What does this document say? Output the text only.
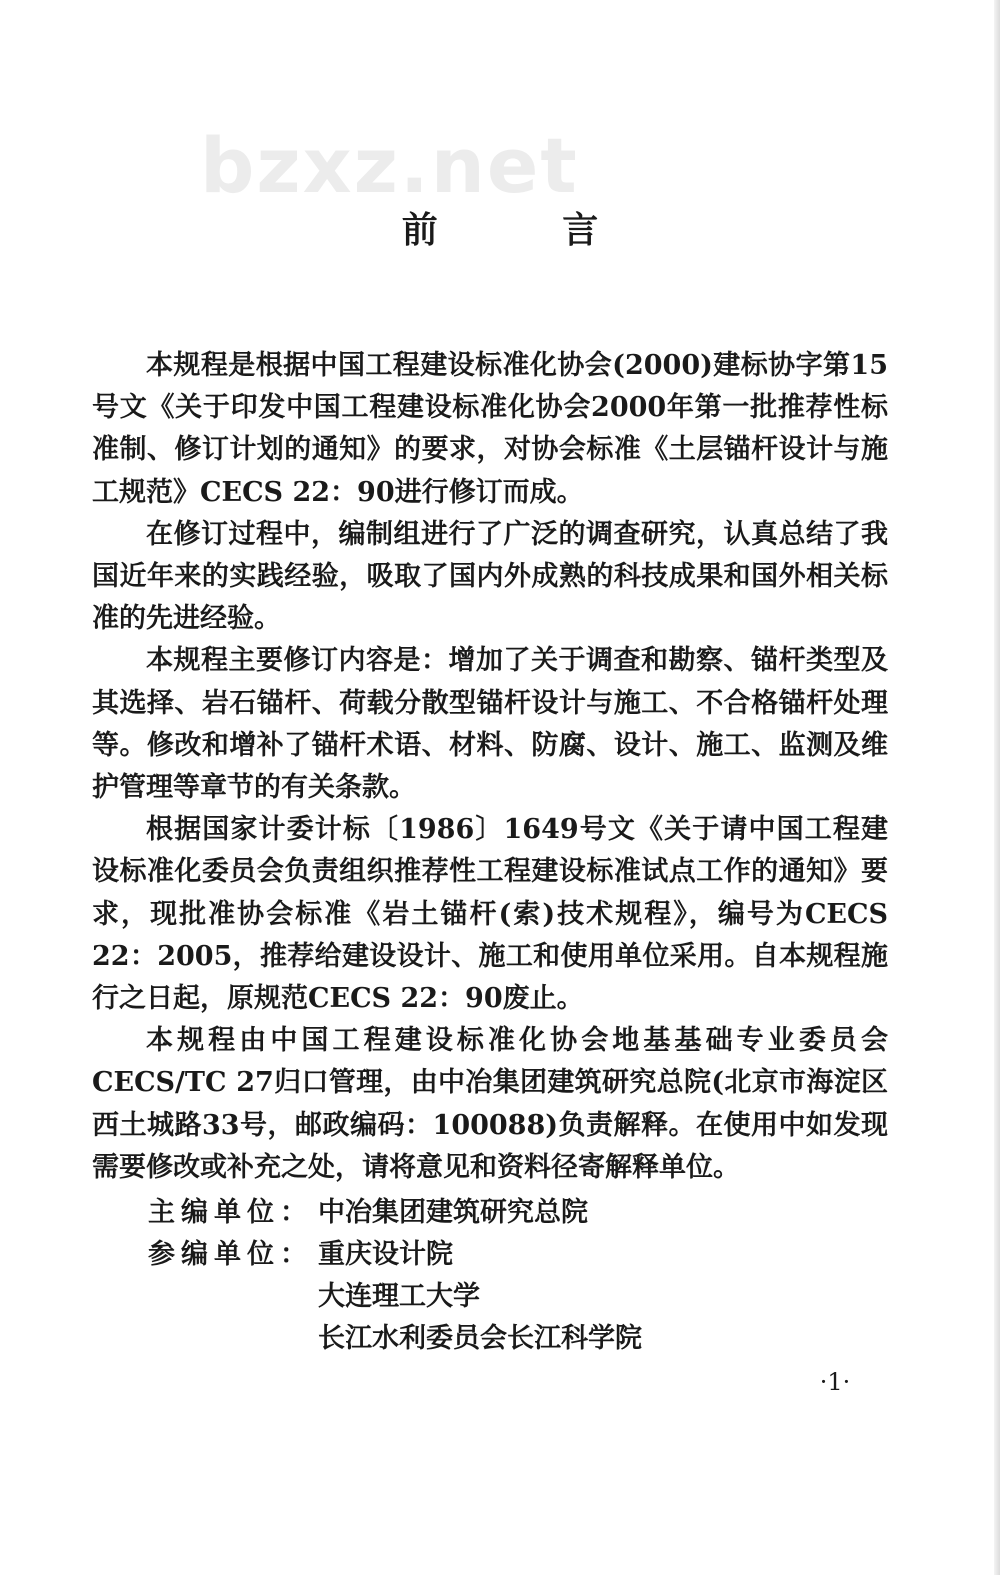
bzxz.net
前 言

本规程是根据中国工程建设标准化协会(2000)建标协字第15号文《关于印发中国工程建设标准化协会2000年第一批推荐性标准制、修订计划的通知》的要求，对协会标准《土层锚杆设计与施工规范》CECS 22：90进行修订而成。

在修订过程中，编制组进行了广泛的调查研究，认真总结了我国近年来的实践经验，吸取了国内外成熟的科技成果和国外相关标准的先进经验。

本规程主要修订内容是：增加了关于调查和勘察、锚杆类型及其选择、岩石锚杆、荷载分散型锚杆设计与施工、不合格锚杆处理等。修改和增补了锚杆术语、材料、防腐、设计、施工、监测及维护管理等章节的有关条款。

根据国家计委计标〔1986〕1649号文《关于请中国工程建设标准化委员会负责组织推荐性工程建设标准试点工作的通知》要求，现批准协会标准《岩土锚杆(索)技术规程》，编号为CECS 22：2005，推荐给建设设计、施工和使用单位采用。自本规程施行之日起，原规范CECS 22：90废止。

本规程由中国工程建设标准化协会地基基础专业委员会CECS/TC 27归口管理，由中冶集团建筑研究总院(北京市海淀区西土城路33号，邮政编码：100088)负责解释。在使用中如发现需要修改或补充之处，请将意见和资料径寄解释单位。

主编单位： 中冶集团建筑研究总院
参编单位： 重庆设计院
大连理工大学
长江水利委员会长江科学院
·1·
